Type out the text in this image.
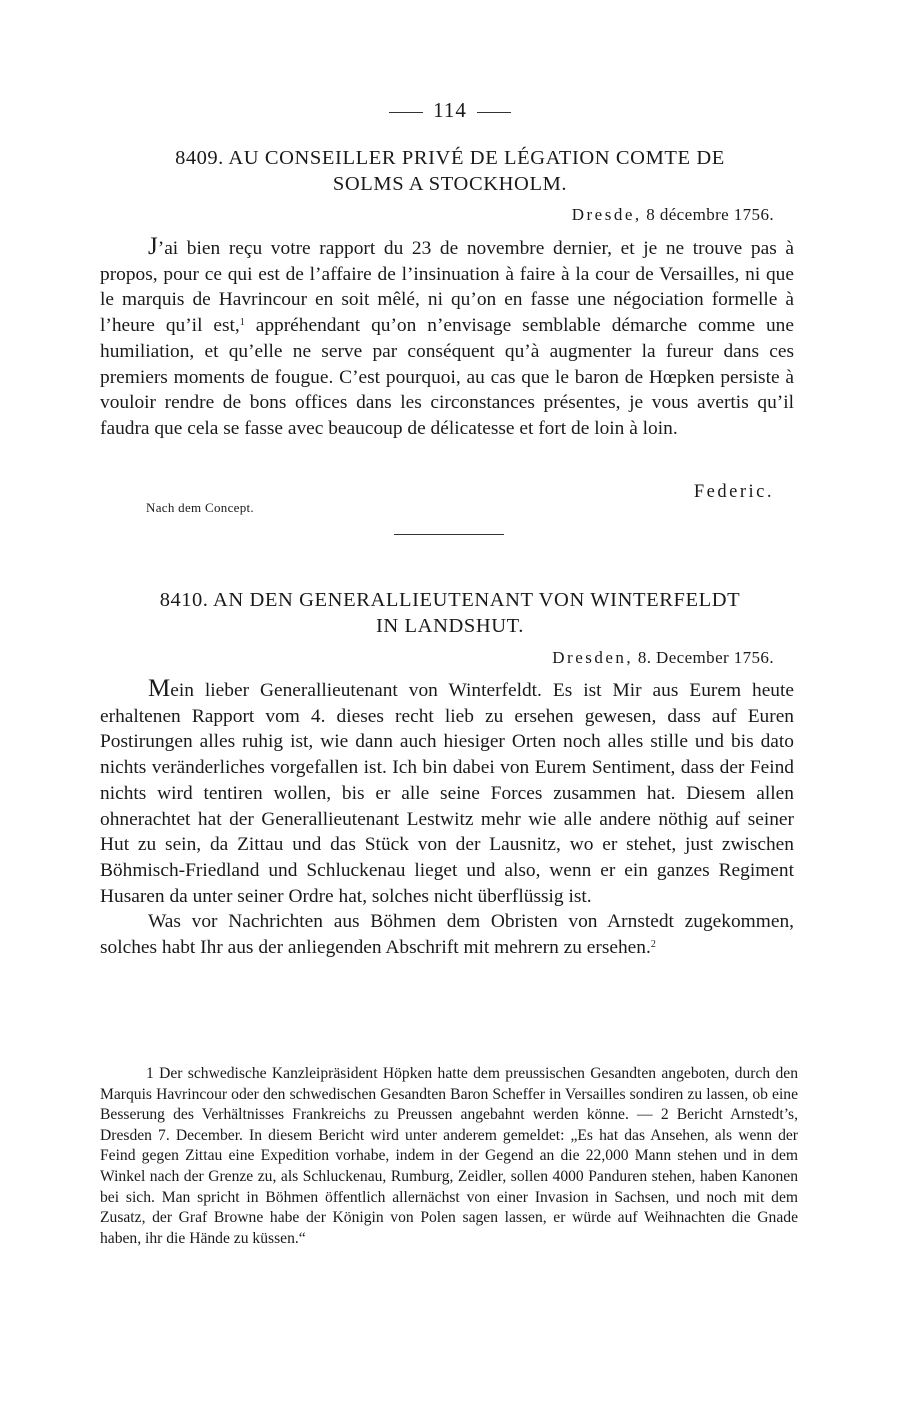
114
8409. AU CONSEILLER PRIVÉ DE LÉGATION COMTE DE
SOLMS A STOCKHOLM.
Dresde, 8 décembre 1756.

J’ai bien reçu votre rapport du 23 de novembre dernier, et je ne trouve pas à propos, pour ce qui est de l’affaire de l’insinuation à faire à la cour de Versailles, ni que le marquis de Havrincour en soit mêlé, ni qu’on en fasse une négociation formelle à l’heure qu’il est,$^1$ appréhendant qu’on n’envisage semblable démarche comme une humiliation, et qu’elle ne serve par conséquent qu’à augmenter la fureur dans ces premiers moments de fougue. C’est pourquoi, au cas que le baron de Hœpken persiste à vouloir rendre de bons offices dans les circonstances présentes, je vous avertis qu’il faudra que cela se fasse avec beaucoup de délicatesse et fort de loin à loin.

Federic.
Nach dem Concept.
8410. AN DEN GENERALLIEUTENANT VON WINTERFELDT
IN LANDSHUT.
Dresden, 8. December 1756.

Mein lieber Generallieutenant von Winterfeldt. Es ist Mir aus Eurem heute erhaltenen Rapport vom 4. dieses recht lieb zu ersehen gewesen, dass auf Euren Postirungen alles ruhig ist, wie dann auch hiesiger Orten noch alles stille und bis dato nichts veränderliches vorgefallen ist. Ich bin dabei von Eurem Sentiment, dass der Feind nichts wird tentiren wollen, bis er alle seine Forces zusammen hat. Diesem allen ohnerachtet hat der Generallieutenant Lestwitz mehr wie alle andere nöthig auf seiner Hut zu sein, da Zittau und das Stück von der Lausnitz, wo er stehet, just zwischen Böhmisch-Friedland und Schluckenau lieget und also, wenn er ein ganzes Regiment Husaren da unter seiner Ordre hat, solches nicht überflüssig ist.

Was vor Nachrichten aus Böhmen dem Obristen von Arnstedt zugekommen, solches habt Ihr aus der anliegenden Abschrift mit mehrern zu ersehen.$^2$

1 Der schwedische Kanzleipräsident Höpken hatte dem preussischen Gesandten angeboten, durch den Marquis Havrincour oder den schwedischen Gesandten Baron Scheffer in Versailles sondiren zu lassen, ob eine Besserung des Verhältnisses Frankreichs zu Preussen angebahnt werden könne. — 2 Bericht Arnstedt’s, Dresden 7. December. In diesem Bericht wird unter anderem gemeldet: „Es hat das Ansehen, als wenn der Feind gegen Zittau eine Expedition vorhabe, indem in der Gegend an die 22,000 Mann stehen und in dem Winkel nach der Grenze zu, als Schluckenau, Rumburg, Zeidler, sollen 4000 Panduren stehen, haben Kanonen bei sich. Man spricht in Böhmen öffentlich allernächst von einer Invasion in Sachsen, und noch mit dem Zusatz, der Graf Browne habe der Königin von Polen sagen lassen, er würde auf Weihnachten die Gnade haben, ihr die Hände zu küssen.“
